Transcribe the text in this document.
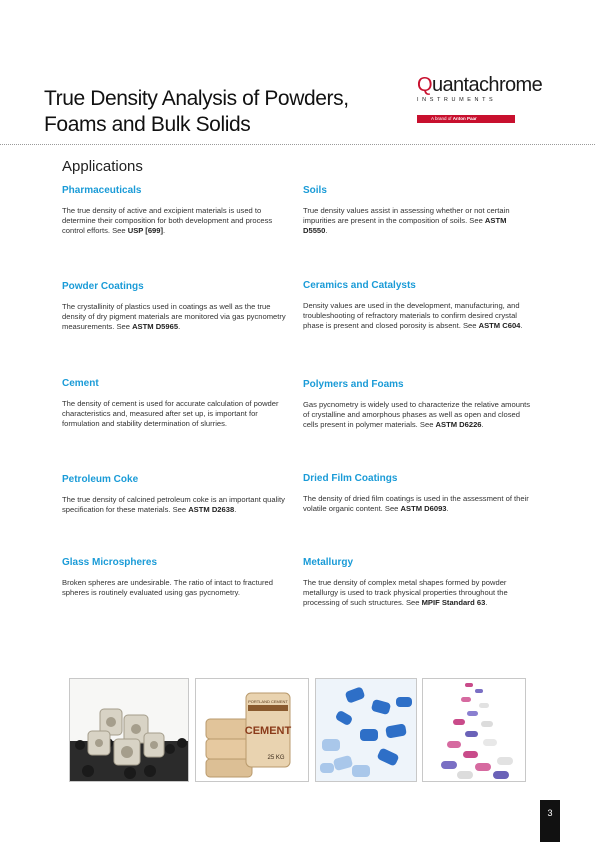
True Density Analysis of Powders,
Foams and Bulk Solids
Quantachrome
INSTRUMENTS
A brand of Anton Paar
Applications
Pharmaceuticals

The true density of active and excipient materials is used to determine their composition for both development and process control efforts. See USP [699].

Powder Coatings

The crystallinity of plastics used in coatings as well as the true density of dry pigment materials are monitored via gas pycnometry measurements. See ASTM D5965.

Cement

The density of cement is used for accurate calculation of powder characteristics and, measured after set up, is important for formulation and stability determination of slurries.

Petroleum Coke

The true density of calcined petroleum coke is an important quality specification for these materials. See ASTM D2638.

Glass Microspheres

Broken spheres are undesirable. The ratio of intact to fractured spheres is routinely evaluated using gas pycnometry.

Soils

True density values assist in assessing whether or not certain impurities are present in the composition of soils. See ASTM D5550.

Ceramics and Catalysts

Density values are used in the development, manufacturing, and troubleshooting of refractory materials to confirm desired crystal phase is present and closed porosity is absent. See ASTM C604.

Polymers and Foams

Gas pycnometry is widely used to characterize the relative amounts of crystalline and amorphous phases as well as open and closed cells present in polymer materials. See ASTM D6226.

Dried Film Coatings

The density of dried film coatings is used in the assessment of their volatile organic content. See ASTM D6093.

Metallurgy

The true density of complex metal shapes formed by powder metallurgy is used to track physical properties throughout the processing of such structures. See MPIF Standard 63.

PORTLAND CEMENT
CEMENT
25 KG
3
